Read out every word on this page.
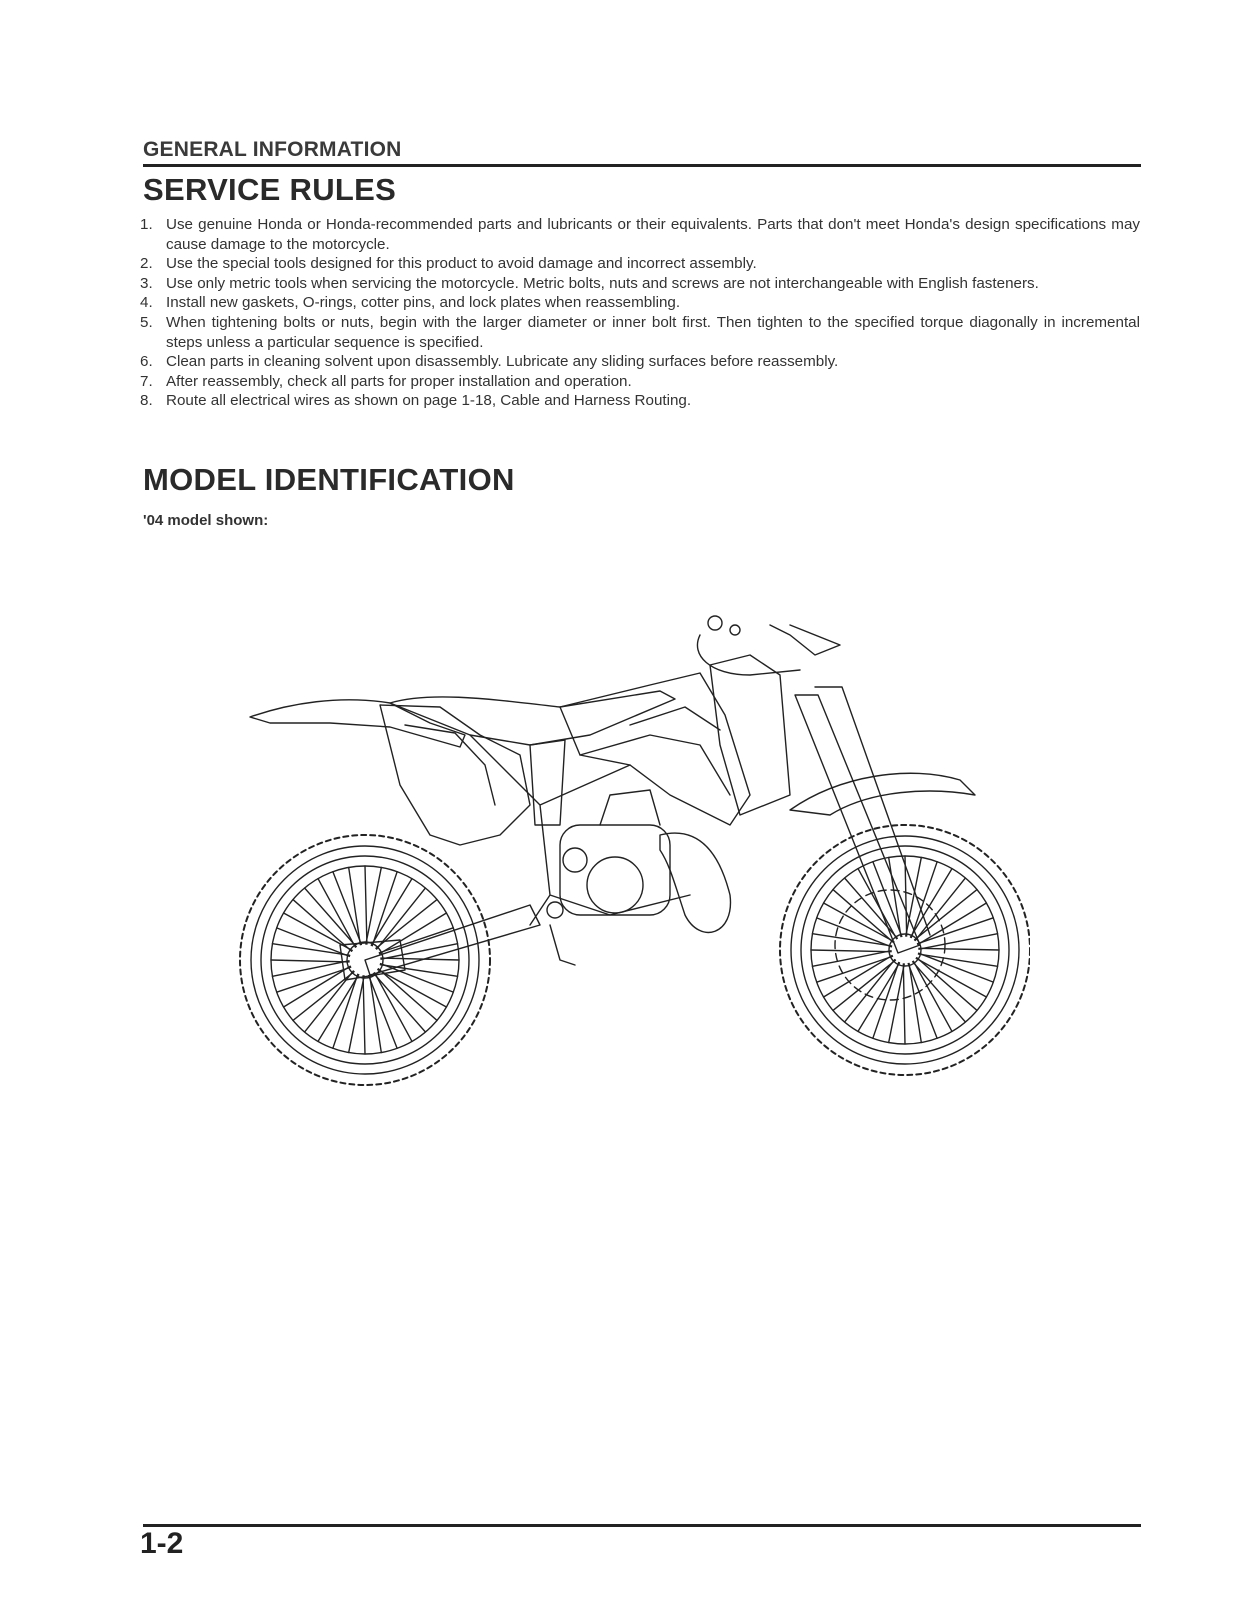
GENERAL INFORMATION
SERVICE RULES
1. Use genuine Honda or Honda-recommended parts and lubricants or their equivalents. Parts that don't meet Honda's design specifications may cause damage to the motorcycle.
2. Use the special tools designed for this product to avoid damage and incorrect assembly.
3. Use only metric tools when servicing the motorcycle. Metric bolts, nuts and screws are not interchangeable with English fasteners.
4. Install new gaskets, O-rings, cotter pins, and lock plates when reassembling.
5. When tightening bolts or nuts, begin with the larger diameter or inner bolt first. Then tighten to the specified torque diagonally in incremental steps unless a particular sequence is specified.
6. Clean parts in cleaning solvent upon disassembly. Lubricate any sliding surfaces before reassembly.
7. After reassembly, check all parts for proper installation and operation.
8. Route all electrical wires as shown on page 1-18, Cable and Harness Routing.
MODEL IDENTIFICATION
'04 model shown:
1-2
